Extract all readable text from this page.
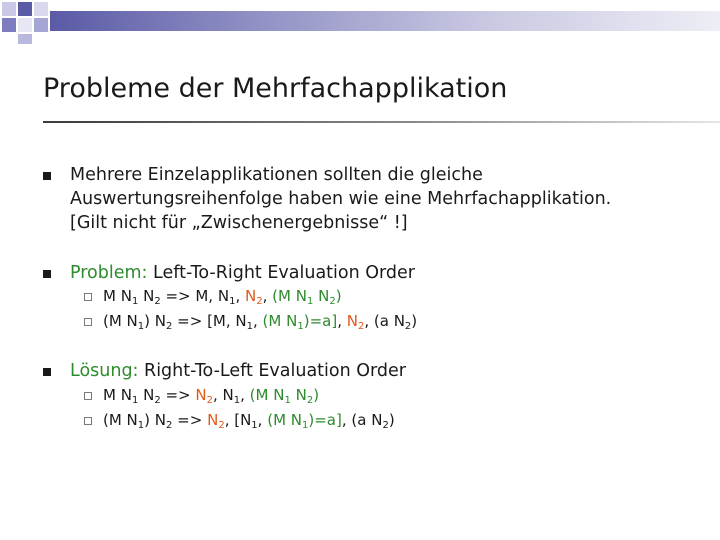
Probleme der Mehrfachapplikation
Mehrere Einzelapplikationen sollten die gleiche
Auswertungsreihenfolge haben wie eine Mehrfachapplikation.
[Gilt nicht für „Zwischenergebnisse“ !]
Problem: Left-To-Right Evaluation Order
M $N_1$ $N_2 => M$, $N_1$, $N_2$, (M $N_1$ $N_2$)
(M $N_1$) $N_2 => [M$, $N_1$, (M $N_1)=a$], $N_2$, (a $N_2$)
Lösung: Right-To-Left Evaluation Order
M $N_1$ $N_2 => N_2$, $N_1$, (M $N_1$ $N_2$)
(M $N_1$) $N_2 => N_2$, [$N_1$, (M $N_1)=a$], (a $N_2$)
